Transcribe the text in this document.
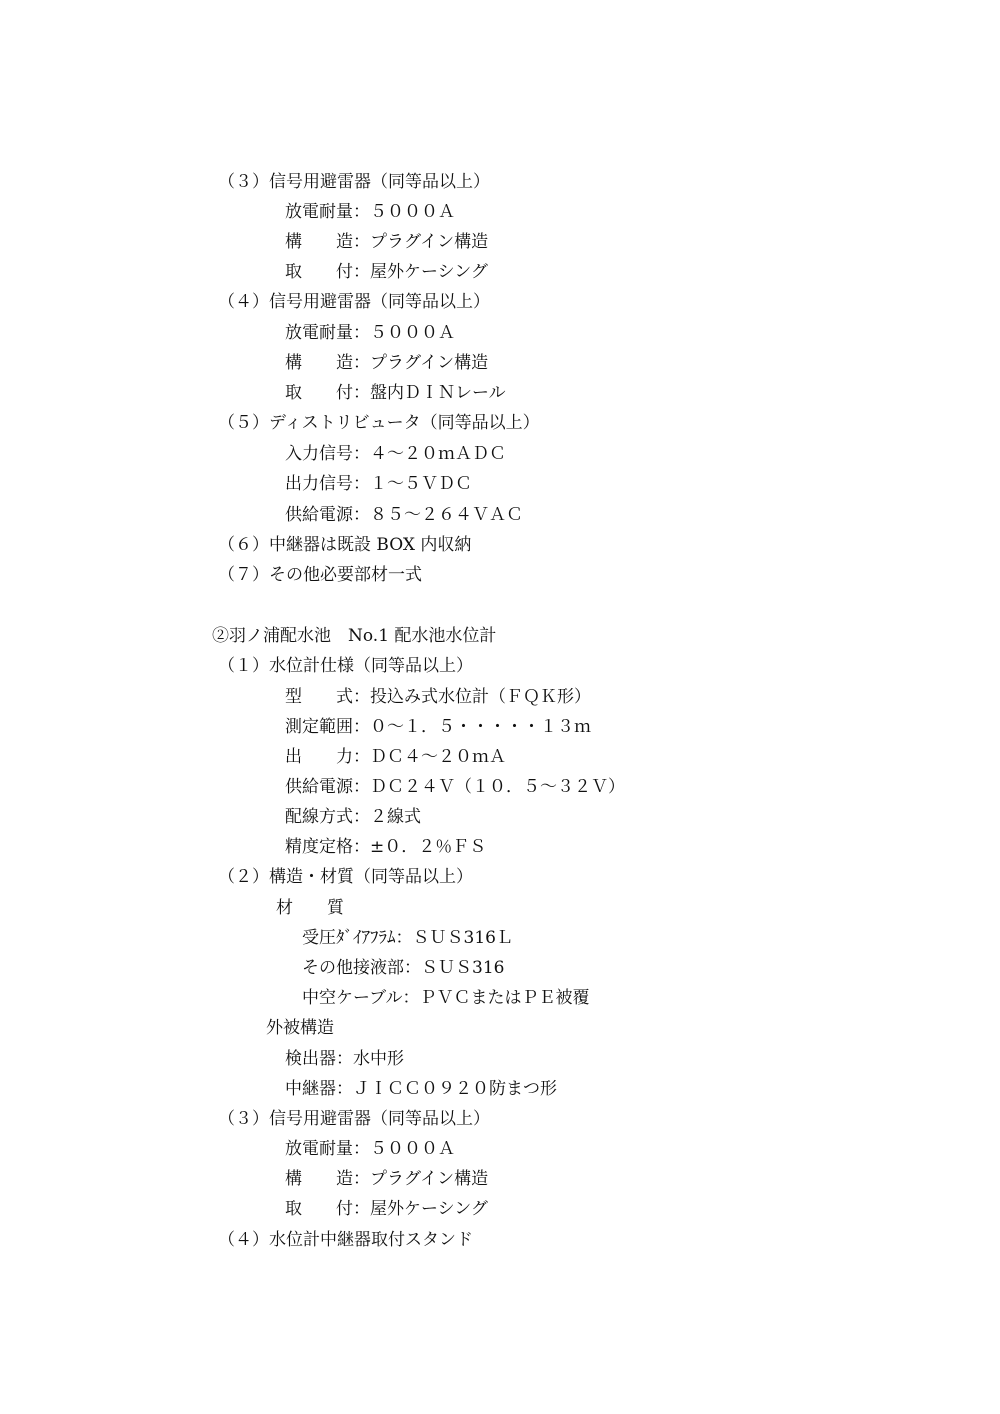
（３）信号用避雷器（同等品以上）

放電耐量：５０００Ａ

構　　造：プラグイン構造

取　　付：屋外ケーシング

（４）信号用避雷器（同等品以上）

放電耐量：５０００Ａ

構　　造：プラグイン構造

取　　付：盤内ＤＩＮレール

（５）ディストリビュータ（同等品以上）

入力信号：４～２０ｍＡＤＣ

出力信号：１～５ＶＤＣ

供給電源：８５～２６４ＶＡＣ

（６）中継器は既設 BOX 内収納

（７）その他必要部材一式

②羽ノ浦配水池　No.1 配水池水位計

（１）水位計仕様（同等品以上）

型　　式：投込み式水位計（ＦＱＫ形）

測定範囲：０～１．５・・・・・１３ｍ

出　　力：ＤＣ４～２０ｍＡ

供給電源：ＤＣ２４Ｖ（１０．５～３２Ｖ）

配線方式：２線式

精度定格：±０．２％ＦＳ

（２）構造・材質（同等品以上）

材　　質

受圧ﾀﾞｲｱﾌﾗﾑ：ＳＵＳ316Ｌ

その他接液部：ＳＵＳ316

中空ケーブル：ＰＶＣまたはＰＥ被覆

外被構造

検出器：水中形

中継器：ＪＩＣＣ０９２０防まつ形

（３）信号用避雷器（同等品以上）

放電耐量：５０００Ａ

構　　造：プラグイン構造

取　　付：屋外ケーシング

（４）水位計中継器取付スタンド
